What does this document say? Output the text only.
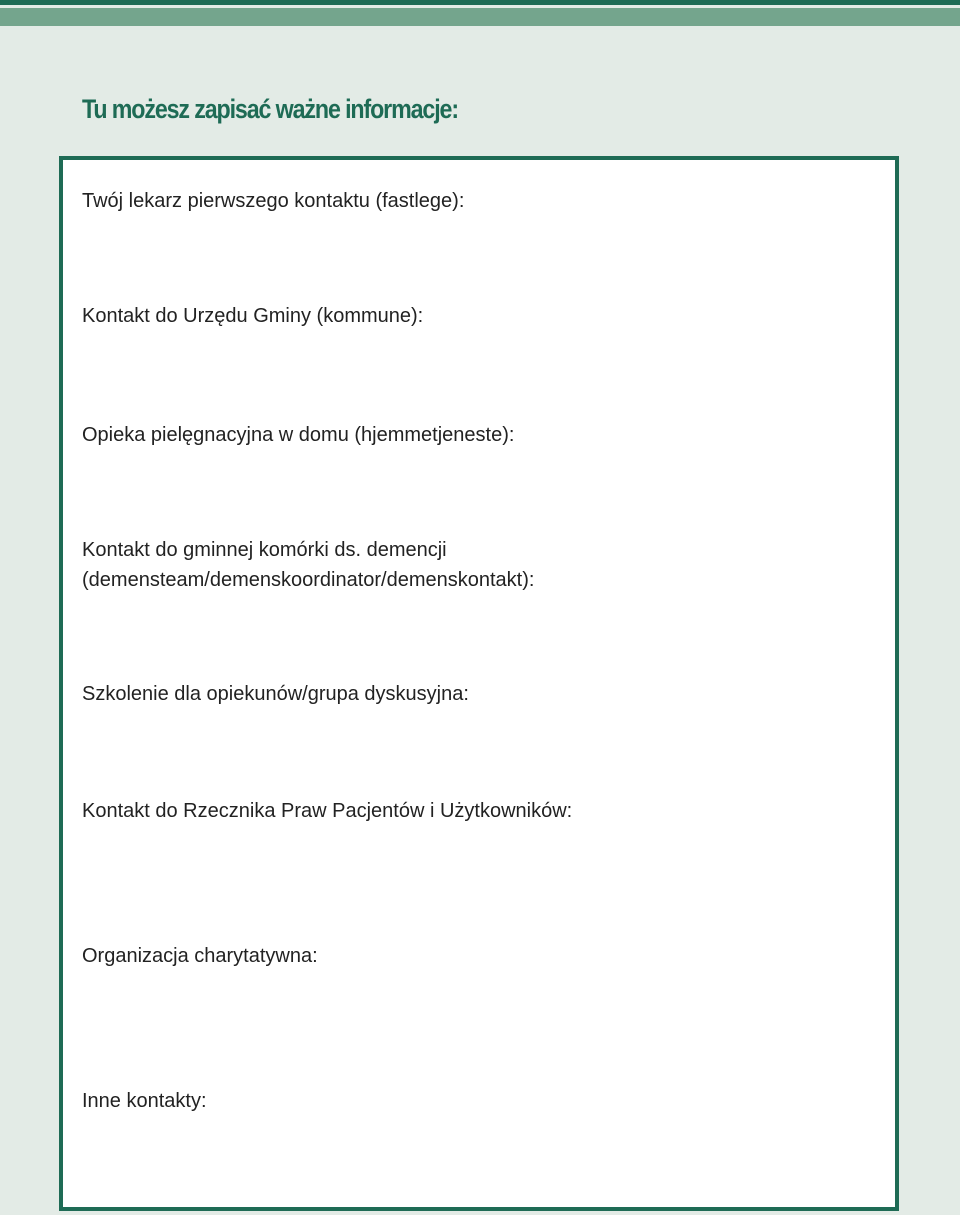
Tu możesz zapisać ważne informacje:

Twój lekarz pierwszego kontaktu (fastlege):

Kontakt do Urzędu Gminy (kommune):

Opieka pielęgnacyjna w domu (hjemmetjeneste):

Kontakt do gminnej komórki ds. demencji
(demensteam/demenskoordinator/demenskontakt):

Szkolenie dla opiekunów/grupa dyskusyjna:

Kontakt do Rzecznika Praw Pacjentów i Użytkowników:

Organizacja charytatywna:

Inne kontakty:
